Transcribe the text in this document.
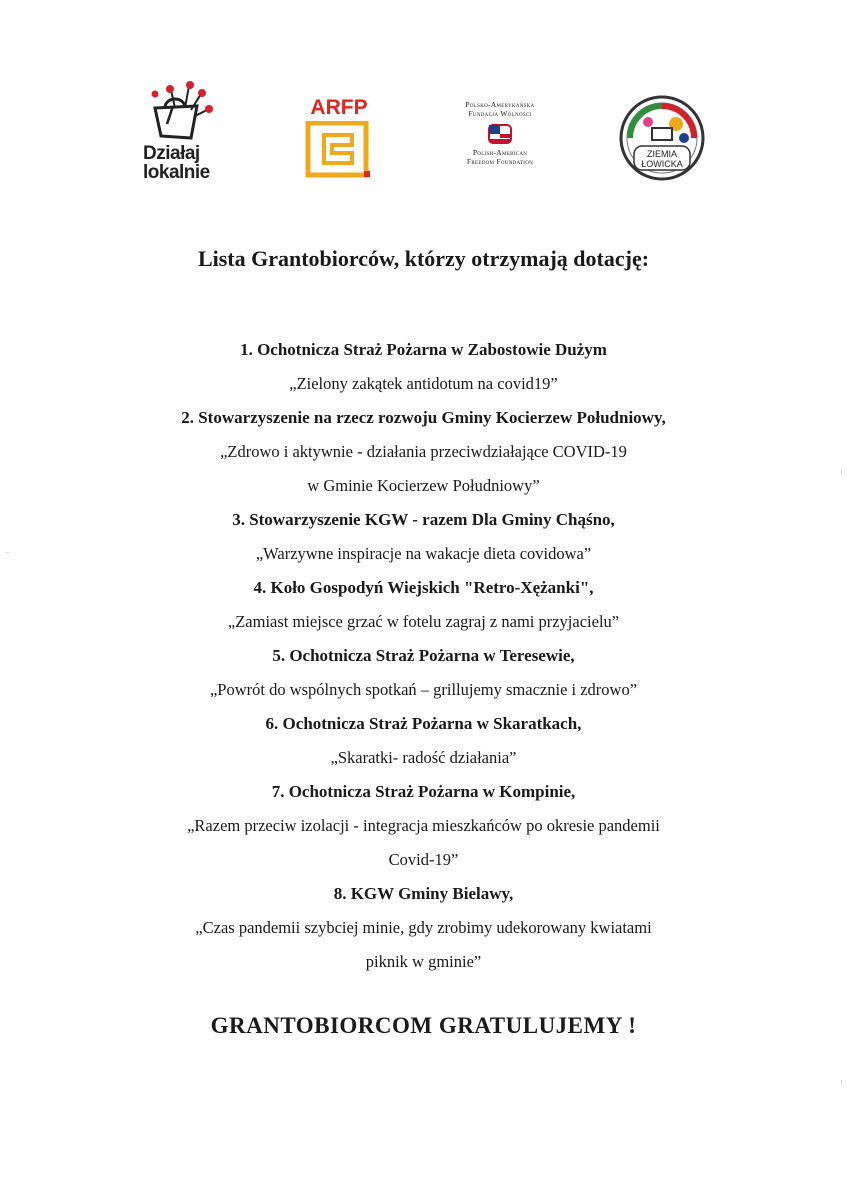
Działaj
lokalnie
ARFP	Polsko-Amerykańska
Fundacja Wolności
Polish-American
Freedom Foundation
ZIEMIA
ŁOWICKA
Lista Grantobiorców, którzy otrzymają dotację:
1. Ochotnicza Straż Pożarna w Zabostowie Dużym
„Zielony zakątek antidotum na covid19”
2. Stowarzyszenie na rzecz rozwoju Gminy Kocierzew Południowy,
„Zdrowo i aktywnie - działania przeciwdziałające COVID-19
w Gminie Kocierzew Południowy”
3. Stowarzyszenie KGW - razem Dla Gminy Chąśno,
„Warzywne inspiracje na wakacje dieta covidowa”
4. Koło Gospodyń Wiejskich "Retro-Xężanki",
„Zamiast miejsce grzać w fotelu zagraj z nami przyjacielu”
5. Ochotnicza Straż Pożarna w Teresewie,
„Powrót do wspólnych spotkań – grillujemy smacznie i zdrowo”
6. Ochotnicza Straż Pożarna w Skaratkach,
„Skaratki- radość działania”
7. Ochotnicza Straż Pożarna w Kompinie,
„Razem przeciw izolacji - integracja mieszkańców po okresie pandemii
Covid-19”
8. KGW Gminy Bielawy,
„Czas pandemii szybciej minie, gdy zrobimy udekorowany kwiatami
piknik w gminie”
GRANTOBIORCOM GRATULUJEMY !
